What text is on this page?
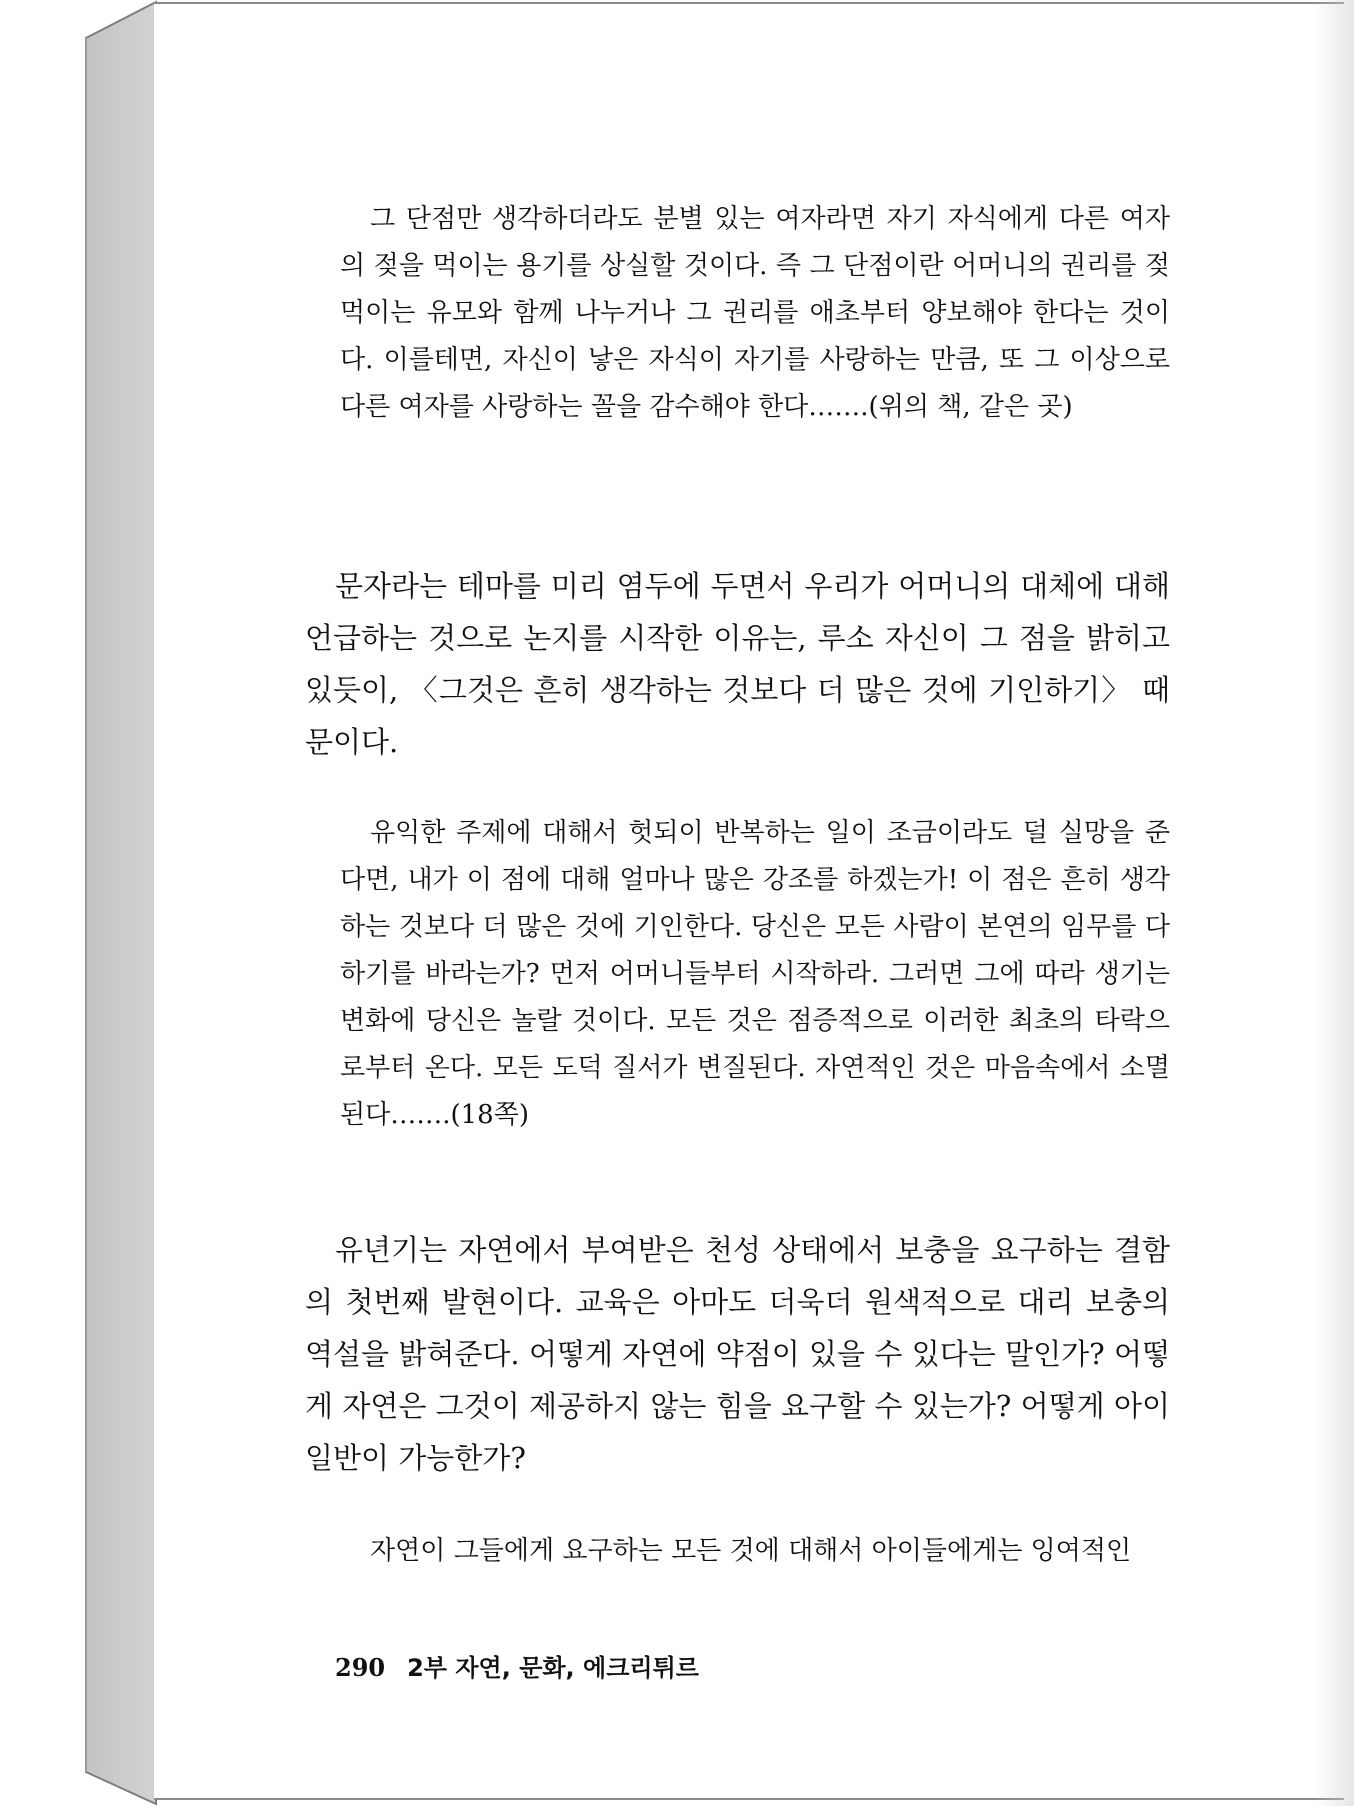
그 단점만 생각하더라도 분별 있는 여자라면 자기 자식에게 다른 여자의 젖을 먹이는 용기를 상실할 것이다. 즉 그 단점이란 어머니의 권리를 젖 먹이는 유모와 함께 나누거나 그 권리를 애초부터 양보해야 한다는 것이다. 이를테면, 자신이 낳은 자식이 자기를 사랑하는 만큼, 또 그 이상으로 다른 여자를 사랑하는 꼴을 감수해야 한다…….(위의 책, 같은 곳)
문자라는 테마를 미리 염두에 두면서 우리가 어머니의 대체에 대해 언급하는 것으로 논지를 시작한 이유는, 루소 자신이 그 점을 밝히고 있듯이, 〈그것은 흔히 생각하는 것보다 더 많은 것에 기인하기〉 때문이다.
유익한 주제에 대해서 헛되이 반복하는 일이 조금이라도 덜 실망을 준다면, 내가 이 점에 대해 얼마나 많은 강조를 하겠는가! 이 점은 흔히 생각하는 것보다 더 많은 것에 기인한다. 당신은 모든 사람이 본연의 임무를 다하기를 바라는가? 먼저 어머니들부터 시작하라. 그러면 그에 따라 생기는 변화에 당신은 놀랄 것이다. 모든 것은 점증적으로 이러한 최초의 타락으로부터 온다. 모든 도덕 질서가 변질된다. 자연적인 것은 마음속에서 소멸된다…….(18쪽)
유년기는 자연에서 부여받은 천성 상태에서 보충을 요구하는 결함의 첫번째 발현이다. 교육은 아마도 더욱더 원색적으로 대리 보충의 역설을 밝혀준다. 어떻게 자연에 약점이 있을 수 있다는 말인가? 어떻게 자연은 그것이 제공하지 않는 힘을 요구할 수 있는가? 어떻게 아이 일반이 가능한가?
자연이 그들에게 요구하는 모든 것에 대해서 아이들에게는 잉여적인
290 2부 자연, 문화, 에크리튀르
